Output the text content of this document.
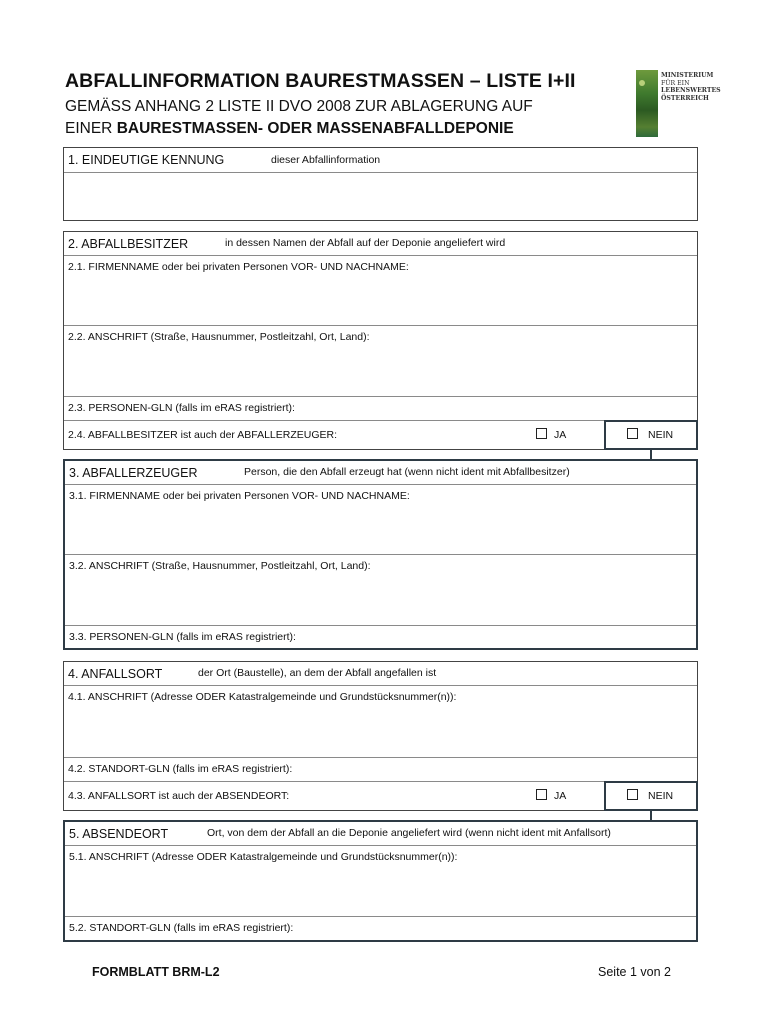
ABFALLINFORMATION BAURESTMASSEN – LISTE I+II
GEMÄSS ANHANG 2 LISTE II DVO 2008 ZUR ABLAGERUNG AUF
EINER BAURESTMASSEN- ODER MASSENABFALLDEPONIE
MINISTERIUM
FÜR EIN
LEBENSWERTES
ÖSTERREICH
1. EINDEUTIGE KENNUNG	dieser Abfallinformation
2. ABFALLBESITZER	in dessen Namen der Abfall auf der Deponie angeliefert wird
2.1. FIRMENNAME oder bei privaten Personen VOR- UND NACHNAME:
2.2. ANSCHRIFT (Straße, Hausnummer, Postleitzahl, Ort, Land):
2.3. PERSONEN-GLN (falls im eRAS registriert):
2.4. ABFALLBESITZER ist auch der ABFALLERZEUGER:	JA	NEIN
3. ABFALLERZEUGER	Person, die den Abfall erzeugt hat (wenn nicht ident mit Abfallbesitzer)
3.1. FIRMENNAME oder bei privaten Personen VOR- UND NACHNAME:
3.2. ANSCHRIFT (Straße, Hausnummer, Postleitzahl, Ort, Land):
3.3. PERSONEN-GLN (falls im eRAS registriert):
4. ANFALLSORT	der Ort (Baustelle), an dem der Abfall angefallen ist
4.1. ANSCHRIFT (Adresse ODER Katastralgemeinde und Grundstücksnummer(n)):
4.2. STANDORT-GLN (falls im eRAS registriert):
4.3. ANFALLSORT ist auch der ABSENDEORT:	JA	NEIN
5. ABSENDEORT	Ort, von dem der Abfall an die Deponie angeliefert wird (wenn nicht ident mit Anfallsort)
5.1. ANSCHRIFT (Adresse ODER Katastralgemeinde und Grundstücksnummer(n)):
5.2. STANDORT-GLN (falls im eRAS registriert):
FORMBLATT BRM-L2	Seite 1 von 2
